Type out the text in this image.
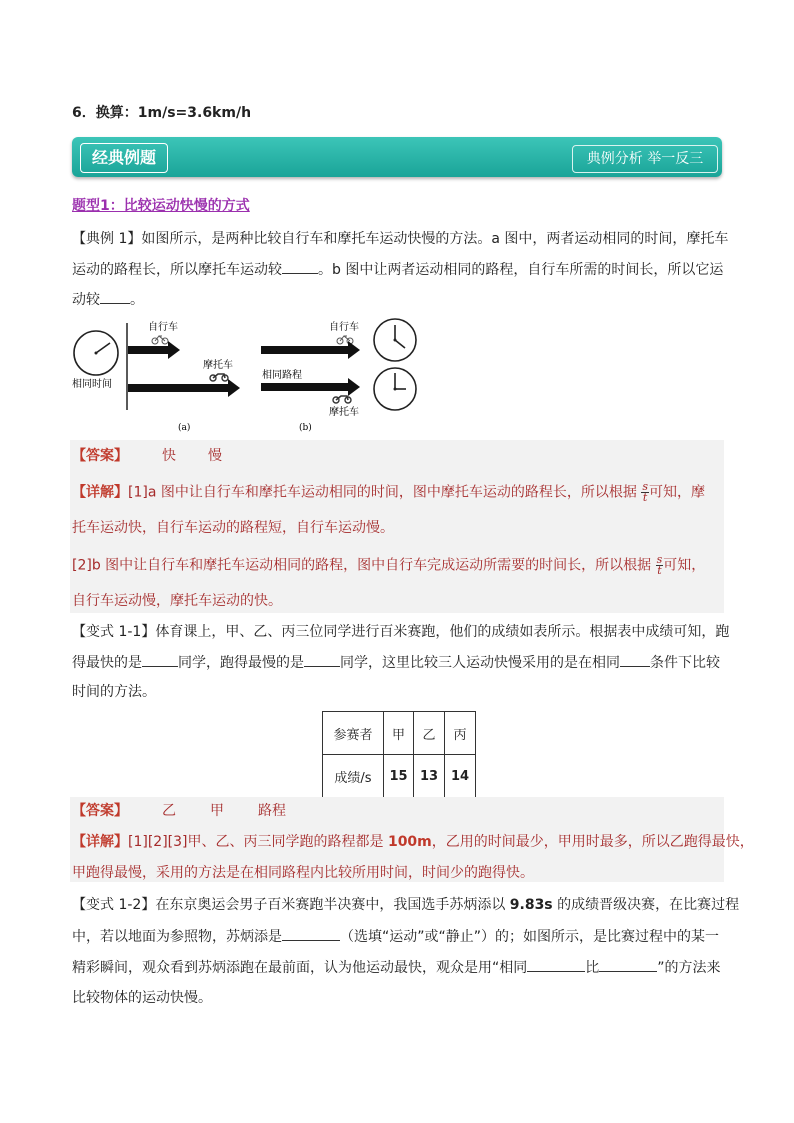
6．换算：1m/s=3.6km/h
经典例题	典例分析 举一反三
题型1：比较运动快慢的方式
【典例 1】如图所示，是两种比较自行车和摩托车运动快慢的方法。a 图中，两者运动相同的时间，摩托车
运动的路程长，所以摩托车运动较	。b 图中让两者运动相同的路程，自行车所需的时间长，所以它运
动较 。
自行车
摩托车
相同时间
(a)
自行车
相同路程
摩托车
(b)
【答案】 快 慢
【详解】[1]a 图中让自行车和摩托车运动相同的时间，图中摩托车运动的路程长，所以根据 $\frac{s}{t}$ 可知，摩
托车运动快，自行车运动的路程短，自行车运动慢。
[2]b 图中让自行车和摩托车运动相同的路程，图中自行车完成运动所需要的时间长，所以根据 $\frac{s}{t}$ 可知，
自行车运动慢，摩托车运动的快。
【变式 1-1】体育课上，甲、乙、丙三位同学进行百米赛跑，他们的成绩如表所示。根据表中成绩可知，跑
得最快的是	同学，跑得最慢的是	同学，这里比较三人运动快慢采用的是在相同 条件下比较
时间的方法。
参赛者	甲	乙	丙
成绩/s	15	13	14
【答案】 乙 甲 路程
【详解】[1][2][3]甲、乙、丙三同学跑的路程都是 100m，乙用的时间最少，甲用时最多，所以乙跑得最快，
甲跑得最慢，采用的方法是在相同路程内比较所用时间，时间少的跑得快。
【变式 1-2】在东京奥运会男子百米赛跑半决赛中，我国选手苏炳添以 9.83s 的成绩晋级决赛，在比赛过程
中，若以地面为参照物，苏炳添是	（选填“运动”或“静止”）的；如图所示，是比赛过程中的某一
精彩瞬间，观众看到苏炳添跑在最前面，认为他运动最快，观众是用“相同	比	”的方法来
比较物体的运动快慢。
